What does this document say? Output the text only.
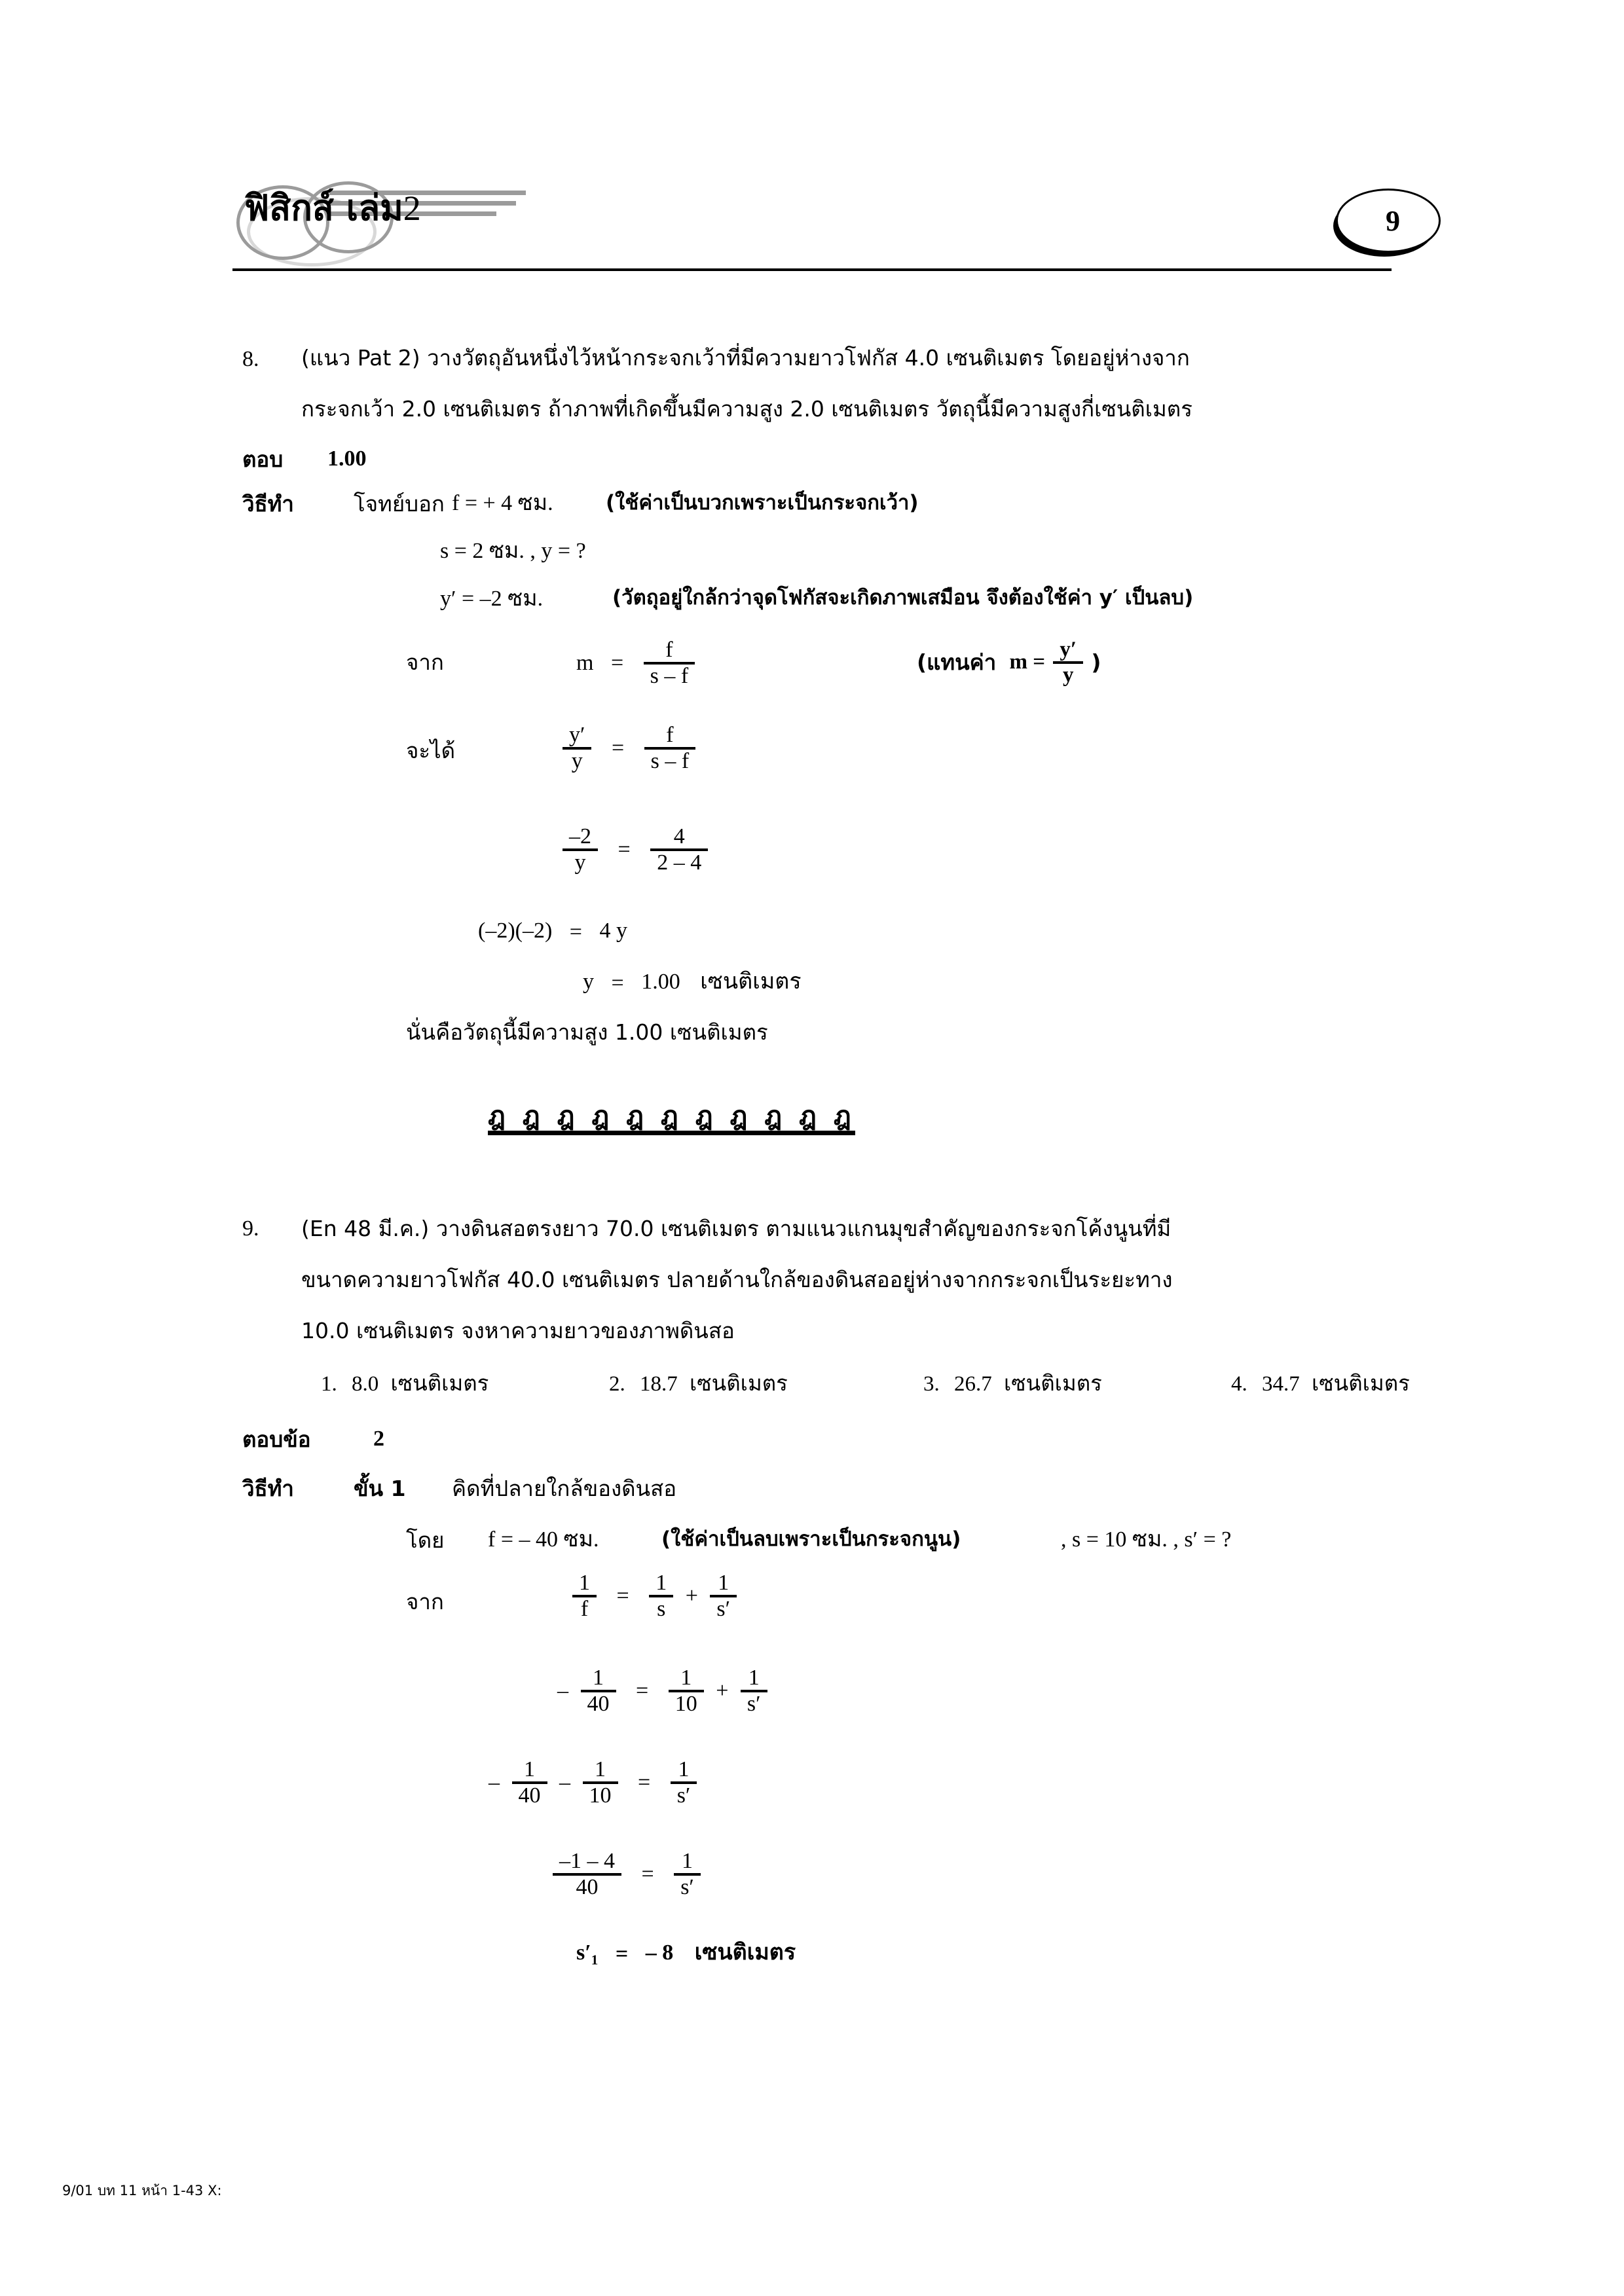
ฟิสิกส์ เล่ม2	9
8. (แนว Pat 2) วางวัตถุอันหนึ่งไว้หน้ากระจกเว้าที่มีความยาวโฟกัส 4.0 เซนติเมตร โดยอยู่ห่างจาก
กระจกเว้า 2.0 เซนติเมตร ถ้าภาพที่เกิดขึ้นมีความสูง 2.0 เซนติเมตร วัตถุนี้มีความสูงกี่เซนติเมตร
ตอบ 1.00
วิธีทำ	โจทย์บอก f = + 4 ซม.	(ใช้ค่าเป็นบวกเพราะเป็นกระจกเว้า)
s = 2 ซม. , y = ?
y′ = –2 ซม.	(วัตถุอยู่ใกล้กว่าจุดโฟกัสจะเกิดภาพเสมือน จึงต้องใช้ค่า y′ เป็นลบ)
จาก	$m = \frac{f}{s - f}$	(แทนค่า $m = \frac{y'}{y}$ )
จะได้	$\frac{y'}{y} = \frac{f}{s - f}$
$\frac{-2}{y} = \frac{4}{2 - 4}$
(–2)(–2) = 4 y
y = 1.00 เซนติเมตร
นั่นคือวัตถุนี้มีความสูง 1.00 เซนติเมตร
ฎ ฎ ฎ ฎ ฎ ฎ ฎ ฎ ฎ ฎ ฎ
9. (En 48 มี.ค.) วางดินสอตรงยาว 70.0 เซนติเมตร ตามแนวแกนมุขสำคัญของกระจกโค้งนูนที่มี
ขนาดความยาวโฟกัส 40.0 เซนติเมตร ปลายด้านใกล้ของดินสออยู่ห่างจากกระจกเป็นระยะทาง
10.0 เซนติเมตร จงหาความยาวของภาพดินสอ
1. 8.0 เซนติเมตร	2. 18.7 เซนติเมตร	3. 26.7 เซนติเมตร	4. 34.7 เซนติเมตร
ตอบข้อ	2
วิธีทำ	ขั้น 1 คิดที่ปลายใกล้ของดินสอ
โดย f = – 40 ซม.	(ใช้ค่าเป็นลบเพราะเป็นกระจกนูน)	, s = 10 ซม. , s′ = ?
จาก	$\frac{1}{f} = \frac{1}{s} + \frac{1}{s'}$
– $\frac{1}{40} = \frac{1}{10} + \frac{1}{s'}$
– $\frac{1}{40} - \frac{1}{10} = \frac{1}{s'}$
$\frac{-1 - 4}{40} = \frac{1}{s'}$
$s'_1$ = – 8 เซนติเมตร
9/01 บท 11 หน้า 1-43 X:
